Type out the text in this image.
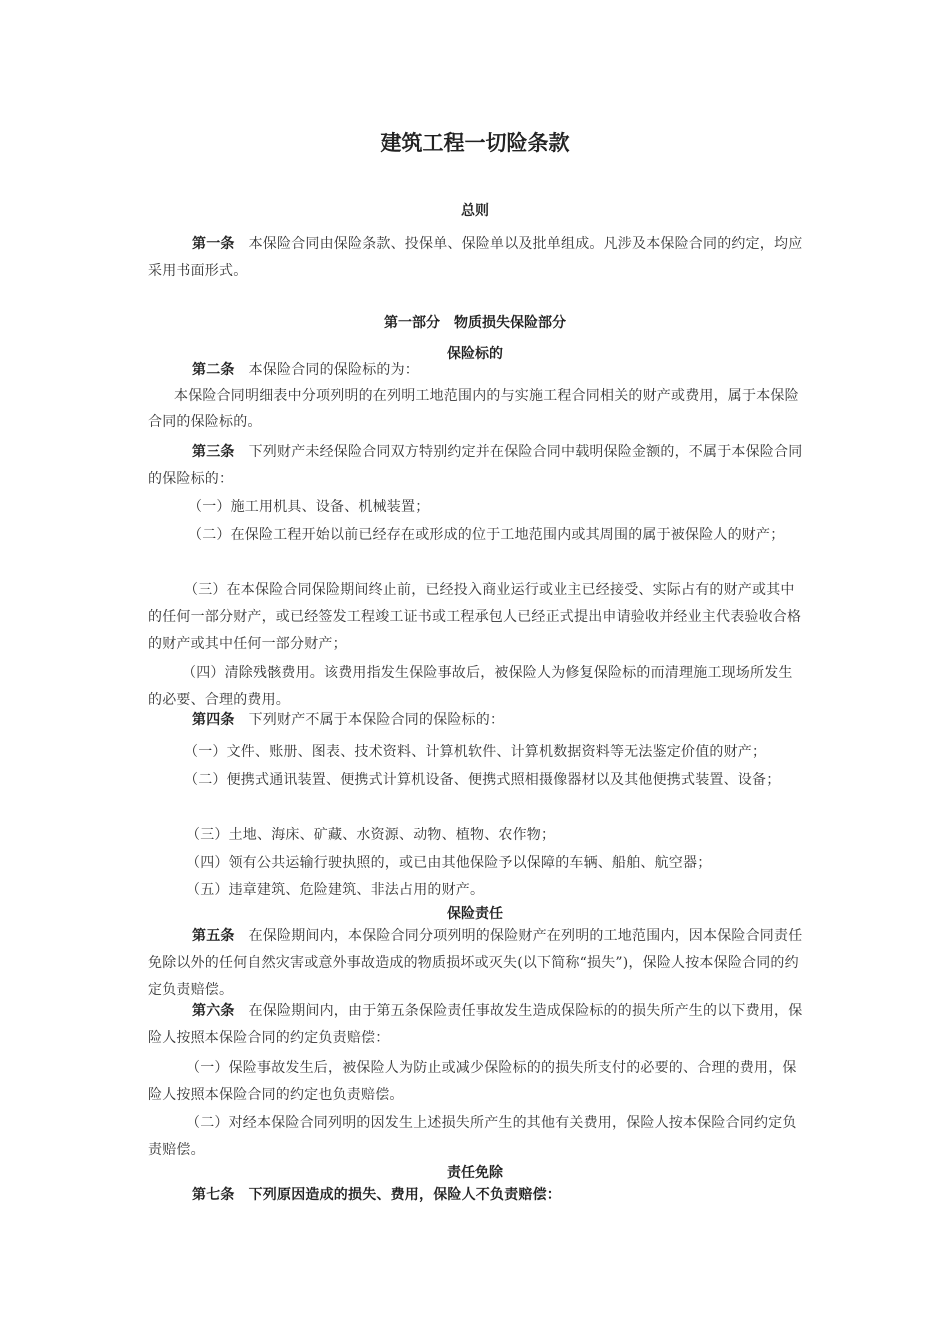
建筑工程一切险条款
总则
第一条 本保险合同由保险条款、投保单、保险单以及批单组成。凡涉及本保险合同的约定，均应采用书面形式。
第一部分　物质损失保险部分
保险标的
第二条 本保险合同的保险标的为：
本保险合同明细表中分项列明的在列明工地范围内的与实施工程合同相关的财产或费用，属于本保险合同的保险标的。
第三条 下列财产未经保险合同双方特别约定并在保险合同中载明保险金额的，不属于本保险合同的保险标的：
（一）施工用机具、设备、机械装置；
（二）在保险工程开始以前已经存在或形成的位于工地范围内或其周围的属于被保险人的财产；
（三）在本保险合同保险期间终止前，已经投入商业运行或业主已经接受、实际占有的财产或其中的任何一部分财产，或已经签发工程竣工证书或工程承包人已经正式提出申请验收并经业主代表验收合格的财产或其中任何一部分财产；
（四）清除残骸费用。该费用指发生保险事故后，被保险人为修复保险标的而清理施工现场所发生的必要、合理的费用。
第四条 下列财产不属于本保险合同的保险标的：
（一）文件、账册、图表、技术资料、计算机软件、计算机数据资料等无法鉴定价值的财产；
（二）便携式通讯装置、便携式计算机设备、便携式照相摄像器材以及其他便携式装置、设备；
（三）土地、海床、矿藏、水资源、动物、植物、农作物；
（四）领有公共运输行驶执照的，或已由其他保险予以保障的车辆、船舶、航空器；
（五）违章建筑、危险建筑、非法占用的财产。
保险责任
第五条 在保险期间内，本保险合同分项列明的保险财产在列明的工地范围内，因本保险合同责任免除以外的任何自然灾害或意外事故造成的物质损坏或灭失(以下简称“损失”)，保险人按本保险合同的约定负责赔偿。
第六条 在保险期间内，由于第五条保险责任事故发生造成保险标的的损失所产生的以下费用，保险人按照本保险合同的约定负责赔偿：
（一）保险事故发生后，被保险人为防止或减少保险标的的损失所支付的必要的、合理的费用，保险人按照本保险合同的约定也负责赔偿。
（二）对经本保险合同列明的因发生上述损失所产生的其他有关费用，保险人按本保险合同约定负责赔偿。
责任免除
第七条 下列原因造成的损失、费用，保险人不负责赔偿：
